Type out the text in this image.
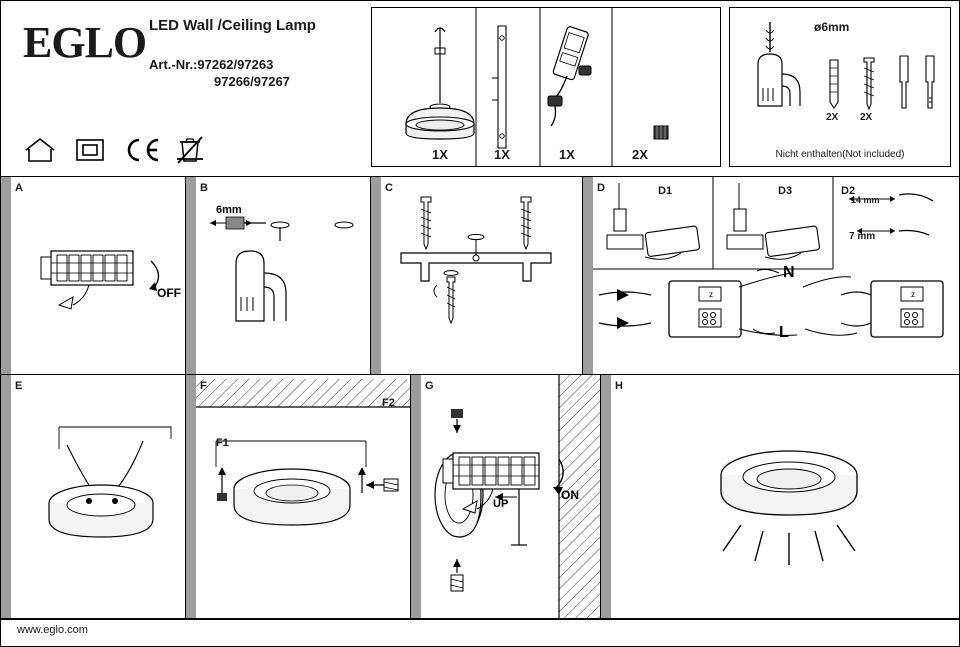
EGLO LED Wall /Ceiling Lamp
Art.-Nr.:97262/97263
97266/97267
1X	1X	1X	2X
ø6mm
2X 2X
Nicht enthalten(Not included)
A
OFF
B
6mm
C	D
z
N
L
z
D1	D3	D2
14 mm
7 mm
E
F1
F2
UP
G
ON
H
www.eglo.com
